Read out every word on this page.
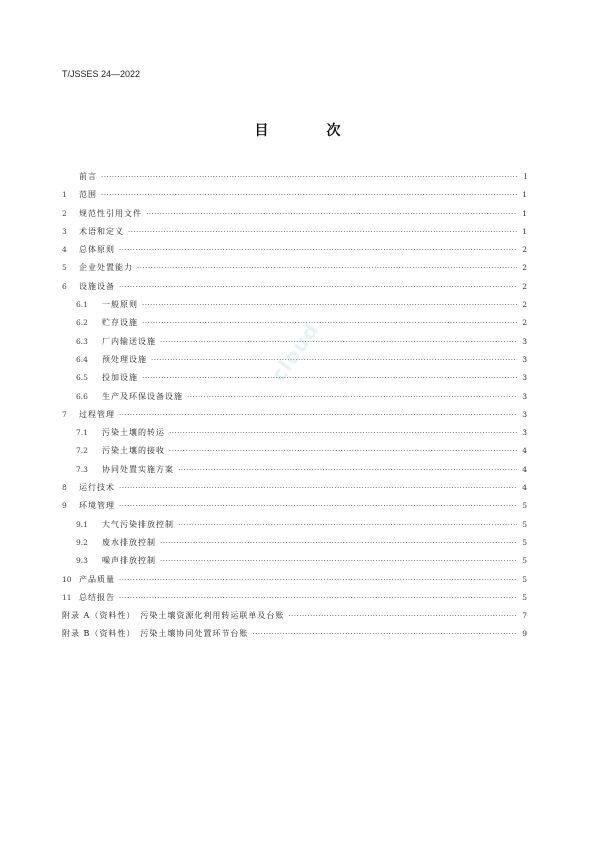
T/JSSES 24—2022
目　次
前言 ·····	I
1	范围 ·····	1
2	规范性引用文件 ·····	1
3	术语和定义 ·····	1
4	总体原则 ·····	2
5	企业处置能力 ·····	2
6	设施设备 ·····	2
6.1	一般原则 ·····	2
6.2	贮存设施 ·····	2
6.3	厂内输送设施 ·····	3
6.4	预处理设施 ·····	3
6.5	投加设施 ·····	3
6.6	生产及环保设备设施 ·····	3
7	过程管理 ·····	3
7.1	污染土壤的转运 ·····	3
7.2	污染土壤的接收 ·····	4
7.3	协同处置实施方案 ·····	4
8	运行技术 ·····	4
9	环境管理 ·····	5
9.1	大气污染排放控制 ·····	5
9.2	废水排放控制 ·····	5
9.3	噪声排放控制 ·····	5
10 产品质量 ·····	5
11 总结报告 ·····	5
附录 A（资料性）　污染土壤资源化利用转运联单及台账 ·····	7
附录 B（资料性）　污染土壤协同处置环节台账 ·····	9
cloud
